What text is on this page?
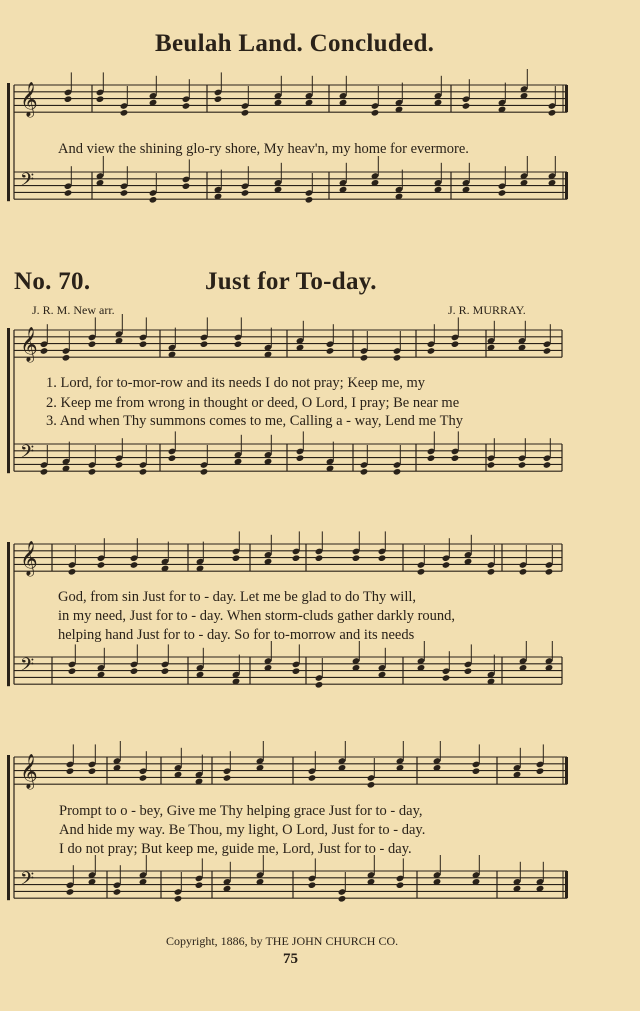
𝄞
𝄢
𝄞
𝄢
𝄞
𝄢
𝄞
𝄢
Beulah Land. Concluded.
And view the shining glo-ry shore, My heav'n, my home for evermore.
No. 70.	Just for To-day.
J. R. M. New arr.	J. R. MURRAY.
1. Lord, for to-mor-row and its needs I do not pray; Keep me, my
2. Keep me from wrong in thought or deed, O Lord, I pray; Be near me
3. And when Thy summons comes to me, Calling a - way, Lend me Thy
God, from sin Just for to - day. Let me be glad to do Thy will,
in my need, Just for to - day. When storm-cluds gather darkly round,
helping hand Just for to - day. So for to-morrow and its needs
Prompt to o - bey, Give me Thy helping grace Just for to - day,
And hide my way. Be Thou, my light, O Lord, Just for to - day.
I do not pray; But keep me, guide me, Lord, Just for to - day.
Copyright, 1886, by THE JOHN CHURCH CO.
75
